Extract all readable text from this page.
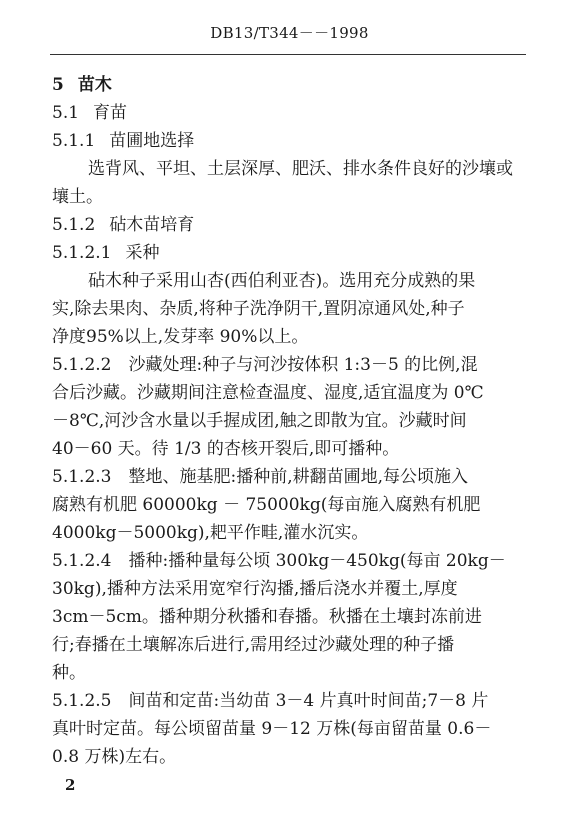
DB13/T344－－1998
5 苗木
5.1 育苗
5.1.1 苗圃地选择
选背风、平坦、土层深厚、肥沃、排水条件良好的沙壤或
壤土。
5.1.2 砧木苗培育
5.1.2.1 采种
砧木种子采用山杏(西伯利亚杏)。选用充分成熟的果
实,除去果肉、杂质,将种子洗净阴干,置阴凉通风处,种子
净度95%以上,发芽率 90%以上。
5.1.2.2　沙藏处理:种子与河沙按体积 1:3－5 的比例,混
合后沙藏。沙藏期间注意检查温度、湿度,适宜温度为 0℃
－8℃,河沙含水量以手握成团,触之即散为宜。沙藏时间
40－60 天。待 1/3 的杏核开裂后,即可播种。
5.1.2.3　整地、施基肥:播种前,耕翻苗圃地,每公顷施入
腐熟有机肥 60000kg － 75000kg(每亩施入腐熟有机肥
4000kg－5000kg),耙平作畦,灌水沉实。
5.1.2.4　播种:播种量每公顷 300kg－450kg(每亩 20kg－
30kg),播种方法采用宽窄行沟播,播后浇水并覆土,厚度
3cm－5cm。播种期分秋播和春播。秋播在土壤封冻前进
行;春播在土壤解冻后进行,需用经过沙藏处理的种子播
种。
5.1.2.5　间苗和定苗:当幼苗 3－4 片真叶时间苗;7－8 片
真叶时定苗。每公顷留苗量 9－12 万株(每亩留苗量 0.6－
0.8 万株)左右。
2
